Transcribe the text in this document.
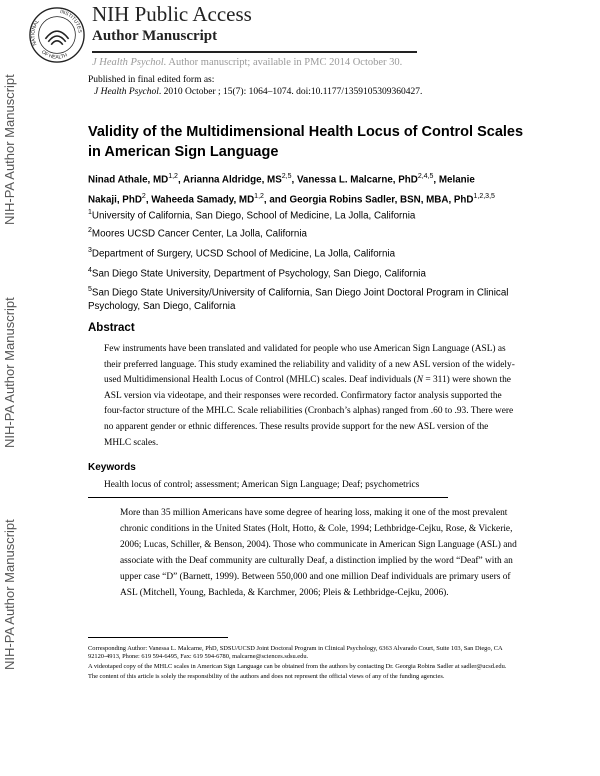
NATIONAL
INSTITUTES
OF HEALTH
NIH Public Access
Author Manuscript
J Health Psychol. Author manuscript; available in PMC 2014 October 30.
Published in final edited form as:
J Health Psychol. 2010 October ; 15(7): 1064–1074. doi:10.1177/1359105309360427.
NIH-PA Author Manuscript
NIH-PA Author Manuscript
NIH-PA Author Manuscript
Validity of the Multidimensional Health Locus of Control Scales in American Sign Language
Ninad Athale, MD$^{1,2}$, Arianna Aldridge, MS$^{2,5}$, Vanessa L. Malcarne, PhD$^{2,4,5}$, Melanie Nakaji, PhD$^2$, Waheeda Samady, MD$^{1,2}$, and Georgia Robins Sadler, BSN, MBA, PhD$^{1,2,3,5}$
$^1$University of California, San Diego, School of Medicine, La Jolla, California
$^2$Moores UCSD Cancer Center, La Jolla, California
$^3$Department of Surgery, UCSD School of Medicine, La Jolla, California
$^4$San Diego State University, Department of Psychology, San Diego, California
$^5$San Diego State University/University of California, San Diego Joint Doctoral Program in Clinical Psychology, San Diego, California
Abstract
Few instruments have been translated and validated for people who use American Sign Language (ASL) as their preferred language. This study examined the reliability and validity of a new ASL version of the widely-used Multidimensional Health Locus of Control (MHLC) scales. Deaf individuals (N = 311) were shown the ASL version via videotape, and their responses were recorded. Confirmatory factor analysis supported the four-factor structure of the MHLC. Scale reliabilities (Cronbach’s alphas) ranged from .60 to .93. There were no apparent gender or ethnic differences. These results provide support for the new ASL version of the MHLC scales.
Keywords
Health locus of control; assessment; American Sign Language; Deaf; psychometrics
More than 35 million Americans have some degree of hearing loss, making it one of the most prevalent chronic conditions in the United States (Holt, Hotto, & Cole, 1994; Lethbridge-Cejku, Rose, & Vickerie, 2006; Lucas, Schiller, & Benson, 2004). Those who communicate in American Sign Language (ASL) and associate with the Deaf community are culturally Deaf, a distinction implied by the word “Deaf” with an upper case “D” (Barnett, 1999). Between 550,000 and one million Deaf individuals are primary users of ASL (Mitchell, Young, Bachleda, & Karchmer, 2006; Pleis & Lethbridge-Cejku, 2006).

Corresponding Author: Vanessa L. Malcarne, PhD, SDSU/UCSD Joint Doctoral Program in Clinical Psychology, 6363 Alvarado Court, Suite 103, San Diego, CA 92120-4913, Phone: 619 594-6495, Fax: 619 594-6780, malcarne@sciences.sdsu.edu.

A videotaped copy of the MHLC scales in American Sign Language can be obtained from the authors by contacting Dr. Georgia Robins Sadler at sadler@ucsd.edu.

The content of this article is solely the responsibility of the authors and does not represent the official views of any of the funding agencies.
